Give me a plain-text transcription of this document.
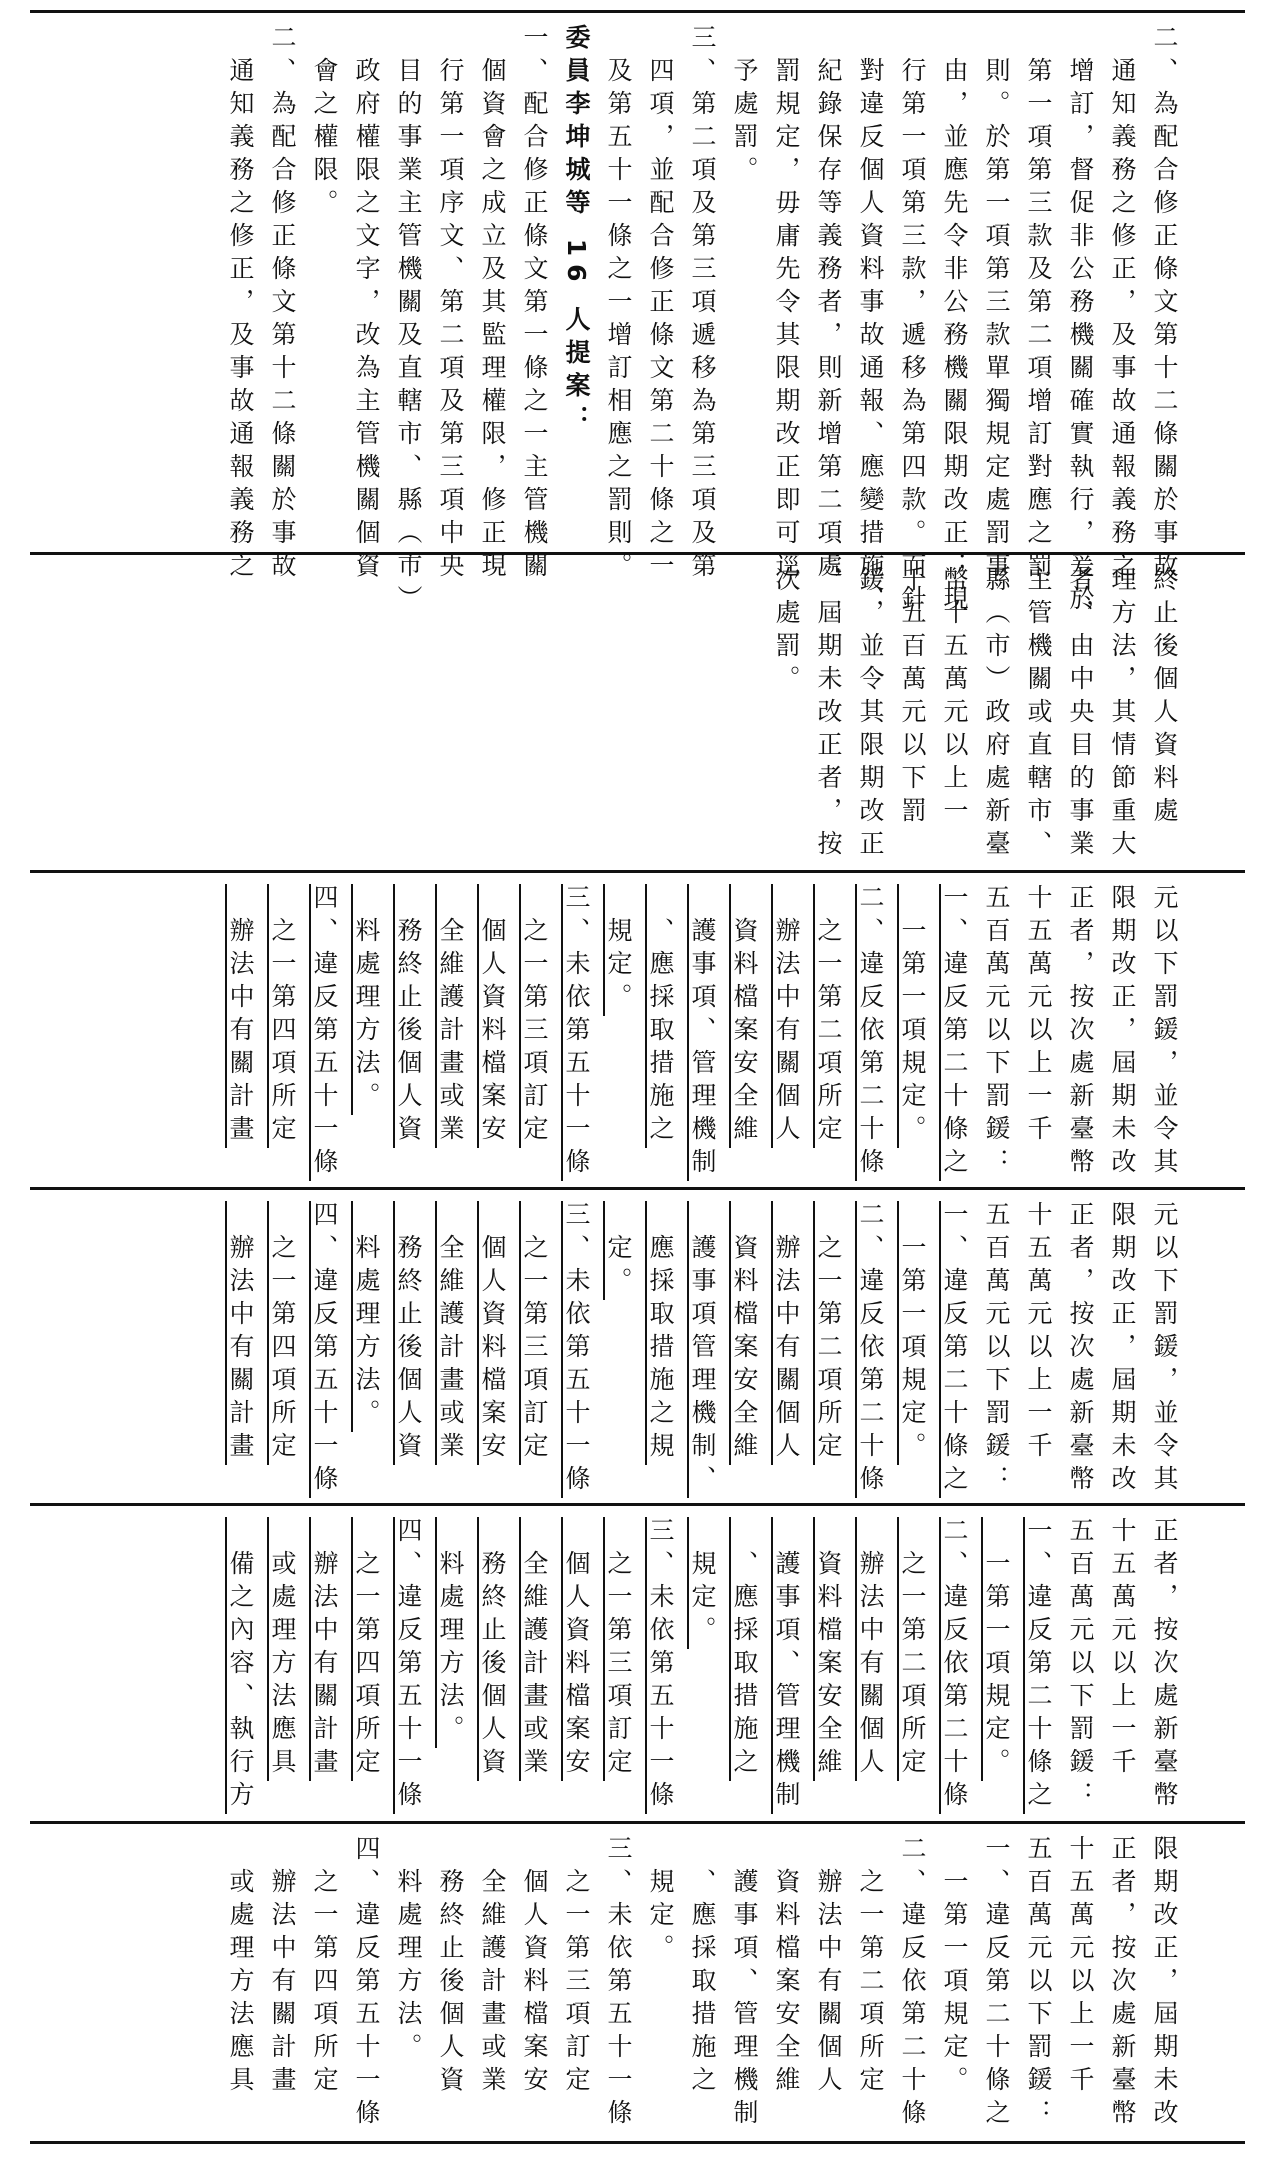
二、為配合修正條文第十二條關於事故
　通知義務之修正，及事故通報義務之
　增訂，督促非公務機關確實執行，爰於
　第一項第三款及第二項增訂對應之罰
　則。於第一項第三款單獨規定處罰事
　由，並應先令非公務機關限期改正；現
　行第一項第三款，遞移為第四款。而針
　對違反個人資料事故通報、應變措施、
　紀錄保存等義務者，則新增第二項處
　罰規定，毋庸先令其限期改正即可逕
　予處罰。
三、第二項及第三項遞移為第三項及第
　四項，並配合修正條文第二十條之一
　及第五十一條之一增訂相應之罰則。
委員李坤城等 16 人提案：
一、配合修正條文第一條之一主管機關
　個資會之成立及其監理權限，修正現
　行第一項序文、第二項及第三項中央
　目的事業主管機關及直轄市、縣（市）
　政府權限之文字，改為主管機關個資
　會之權限。
二、為配合修正條文第十二條關於事故
　通知義務之修正，及事故通報義務之
終止後個人資料處
理方法，其情節重大
者，由中央目的事業
主管機關或直轄市、
縣（市）政府處新臺
幣十五萬元以上一
千五百萬元以下罰
鍰，並令其限期改正
，屆期未改正者，按
次處罰。
元以下罰鍰，並令其
限期改正，屆期未改
正者，按次處新臺幣
十五萬元以上一千
五百萬元以下罰鍰：
一、違反第二十條之
　一第一項規定。
二、違反依第二十條
　之一第二項所定
　辦法中有關個人
　資料檔案安全維
　護事項、管理機制
　、應採取措施之
　規定。
三、未依第五十一條
　之一第三項訂定
　個人資料檔案安
　全維護計畫或業
　務終止後個人資
　料處理方法。
四、違反第五十一條
　之一第四項所定
　辦法中有關計畫
元以下罰鍰，並令其
限期改正，屆期未改
正者，按次處新臺幣
十五萬元以上一千
五百萬元以下罰鍰：
一、違反第二十條之
　一第一項規定。
二、違反依第二十條
　之一第二項所定
　辦法中有關個人
　資料檔案安全維
　護事項管理機制、
　應採取措施之規
　定。
三、未依第五十一條
　之一第三項訂定
　個人資料檔案安
　全維護計畫或業
　務終止後個人資
　料處理方法。
四、違反第五十一條
　之一第四項所定
　辦法中有關計畫
正者，按次處新臺幣
十五萬元以上一千
五百萬元以下罰鍰：
一、違反第二十條之
　一第一項規定。
二、違反依第二十條
　之一第二項所定
　辦法中有關個人
　資料檔案安全維
　護事項、管理機制
　、應採取措施之
　規定。
三、未依第五十一條
　之一第三項訂定
　個人資料檔案安
　全維護計畫或業
　務終止後個人資
　料處理方法。
四、違反第五十一條
　之一第四項所定
　辦法中有關計畫
　或處理方法應具
　備之內容、執行方
限期改正，屆期未改
正者，按次處新臺幣
十五萬元以上一千
五百萬元以下罰鍰：
一、違反第二十條之
　一第一項規定。
二、違反依第二十條
　之一第二項所定
　辦法中有關個人
　資料檔案安全維
　護事項、管理機制
　、應採取措施之
　規定。
三、未依第五十一條
　之一第三項訂定
　個人資料檔案安
　全維護計畫或業
　務終止後個人資
　料處理方法。
四、違反第五十一條
　之一第四項所定
　辦法中有關計畫
　或處理方法應具
